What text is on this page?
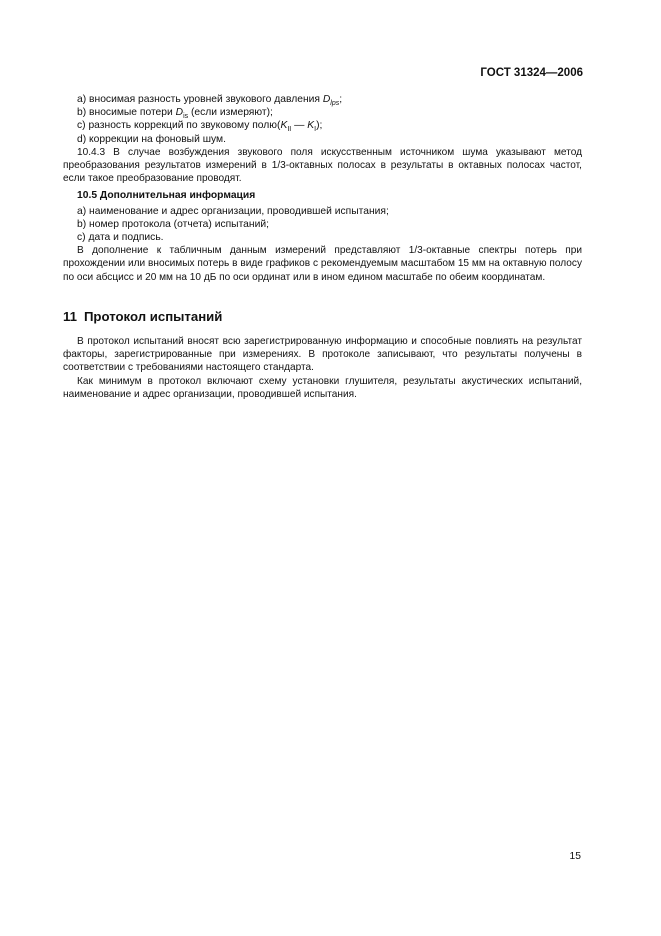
ГОСТ 31324—2006

a) вносимая разность уровней звукового давления $D_{lps}$;

b) вносимые потери $D_{is}$ (если измеряют);

c) разность коррекций по звуковому $полю(K_{II}$ — $K_I$);

d) коррекции на фоновый шум.

10.4.3 В случае возбуждения звукового поля искусственным источником шума указывают метод преобразования результатов измерений в 1/3-октавных полосах в результаты в октавных полосах частот, если такое преобразование проводят.

10.5 Дополнительная информация

a) наименование и адрес организации, проводившей испытания;

b) номер протокола (отчета) испытаний;

c) дата и подпись.

В дополнение к табличным данным измерений представляют 1/3-октавные спектры потерь при прохождении или вносимых потерь в виде графиков с рекомендуемым масштабом 15 мм на октавную полосу по оси абсцисс и 20 мм на 10 дБ по оси ординат или в ином едином масштабе по обеим координатам.

11 Протокол испытаний

В протокол испытаний вносят всю зарегистрированную информацию и способные повлиять на результат факторы, зарегистрированные при измерениях. В протоколе записывают, что результаты получены в соответствии с требованиями настоящего стандарта.

Как минимум в протокол включают схему установки глушителя, результаты акустических испытаний, наименование и адрес организации, проводившей испытания.

15
